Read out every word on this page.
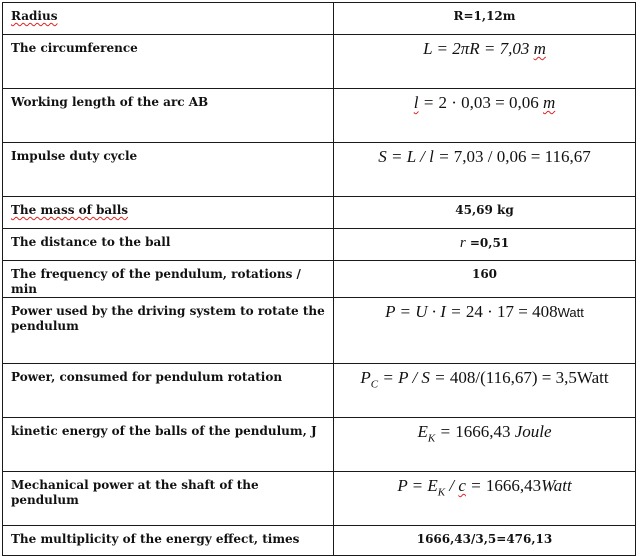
Radius	R=1,12m
The circumference	L = 2πR = 7,03 m
Working length of the arc AB	l = 2 · 0,03 = 0,06 m
Impulse duty cycle	S = L / l = 7,03 / 0,06 = 116,67
The mass of balls	45,69 kg
The distance to the ball	r =0,51
The frequency of the pendulum, rotations / min	160
Power used by the driving system to rotate the pendulum	P = U · I = 24 · 17 = 408Watt
Power, consumed for pendulum rotation	$P_C = P / S = 408/(116,67)$ = 3,5Watt
kinetic energy of the balls of the pendulum, J	$E_K = 1666,43$ Joule
Mechanical power at the shaft of the pendulum	$P = E_K / c$ = 1666,43Watt
The multiplicity of the energy effect, times	1666,43/3,5=476,13
